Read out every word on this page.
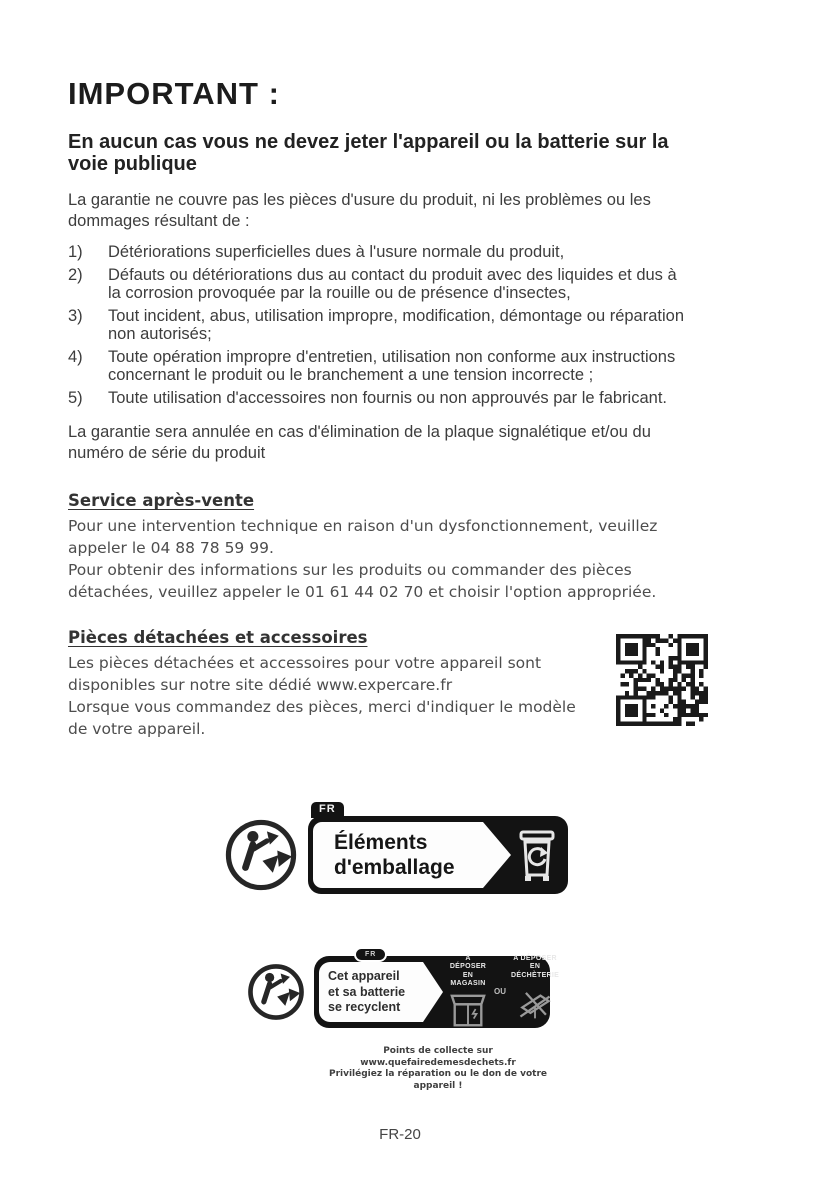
IMPORTANT :
En aucun cas vous ne devez jeter l'appareil ou la batterie sur la voie publique

La garantie ne couvre pas les pièces d'usure du produit, ni les problèmes ou les dommages résultant de :

1)	Détériorations superficielles dues à l'usure normale du produit,
2)	Défauts ou détériorations dus au contact du produit avec des liquides et dus à la corrosion provoquée par la rouille ou de présence d'insectes,
3)	Tout incident, abus, utilisation impropre, modification, démontage ou réparation non autorisés;
4)	Toute opération impropre d'entretien, utilisation non conforme aux instructions concernant le produit ou le branchement a une tension incorrecte ;
5)	Toute utilisation d'accessoires non fournis ou non approuvés par le fabricant.

La garantie sera annulée en cas d'élimination de la plaque signalétique et/ou du numéro de série du produit

Service après-vente

Pour une intervention technique en raison d'un dysfonctionnement, veuillez appeler le 04 88 78 59 99.

Pour obtenir des informations sur les produits ou commander des pièces détachées, veuillez appeler le 01 61 44 02 70 et choisir l'option appropriée.

Pièces détachées et accessoires

Les pièces détachées et accessoires pour votre appareil sont disponibles sur notre site dédié www.expercare.fr

Lorsque vous commandez des pièces, merci d'indiquer le modèle de votre appareil.

FR
Éléments
d'emballage
FR
Cet appareil
et sa batterie
se recyclent
A DÉPOSER
EN MAGASIN
OU
A DÉPOSER
EN DÉCHÈTERIE
Points de collecte sur www.quefairedemesdechets.fr
Privilégiez la réparation ou le don de votre appareil !
FR-20
